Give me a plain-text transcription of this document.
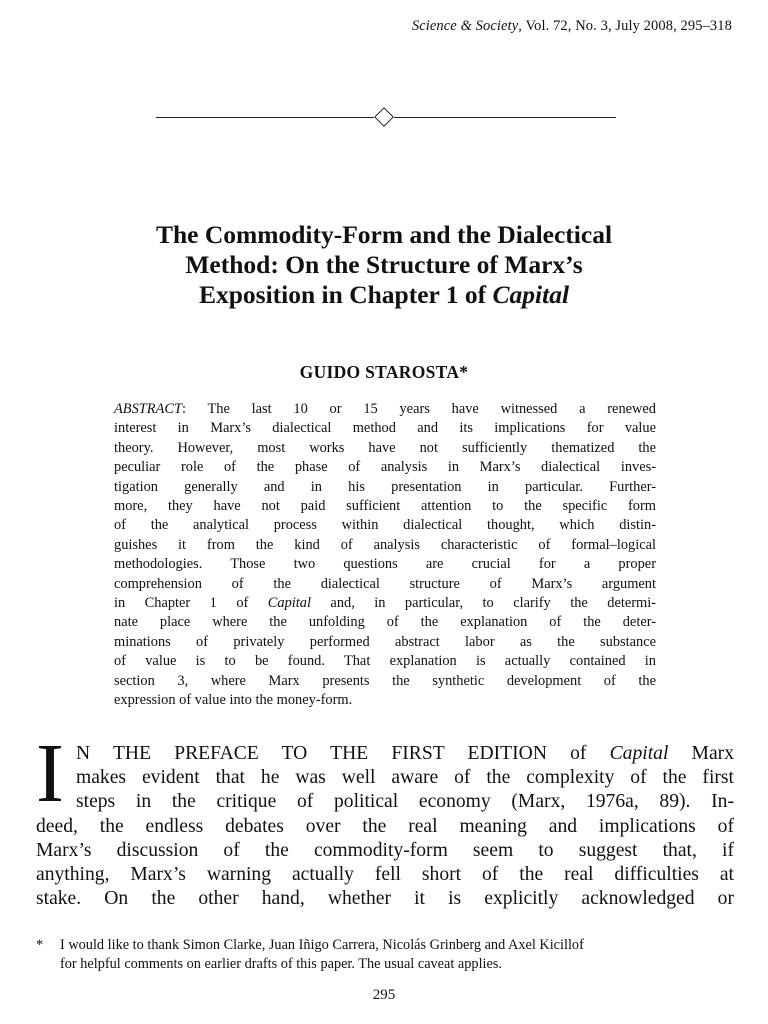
Science & Society, Vol. 72, No. 3, July 2008, 295–318
The Commodity-Form and the Dialectical
Method: On the Structure of Marx’s
Exposition in Chapter 1 of Capital
GUIDO STAROSTA*
ABSTRACT: The last 10 or 15 years have witnessed a renewed
interest in Marx’s dialectical method and its implications for value
theory. However, most works have not sufficiently thematized the
peculiar role of the phase of analysis in Marx’s dialectical inves-
tigation generally and in his presentation in particular. Further-
more, they have not paid sufficient attention to the specific form
of the analytical process within dialectical thought, which distin-
guishes it from the kind of analysis characteristic of formal–logical
methodologies. Those two questions are crucial for a proper
comprehension of the dialectical structure of Marx’s argument
in Chapter 1 of Capital and, in particular, to clarify the determi-
nate place where the unfolding of the explanation of the deter-
minations of privately performed abstract labor as the substance
of value is to be found. That explanation is actually contained in
section 3, where Marx presents the synthetic development of the
expression of value into the money-form.
I N THE PREFACE TO THE FIRST EDITION of Capital Marx
makes evident that he was well aware of the complexity of the first
steps in the critique of political economy (Marx, 1976a, 89). In-
deed, the endless debates over the real meaning and implications of
Marx’s discussion of the commodity-form seem to suggest that, if
anything, Marx’s warning actually fell short of the real difficulties at
stake. On the other hand, whether it is explicitly acknowledged or
* I would like to thank Simon Clarke, Juan Iñigo Carrera, Nicolás Grinberg and Axel Kicillof
for helpful comments on earlier drafts of this paper. The usual caveat applies.
295
